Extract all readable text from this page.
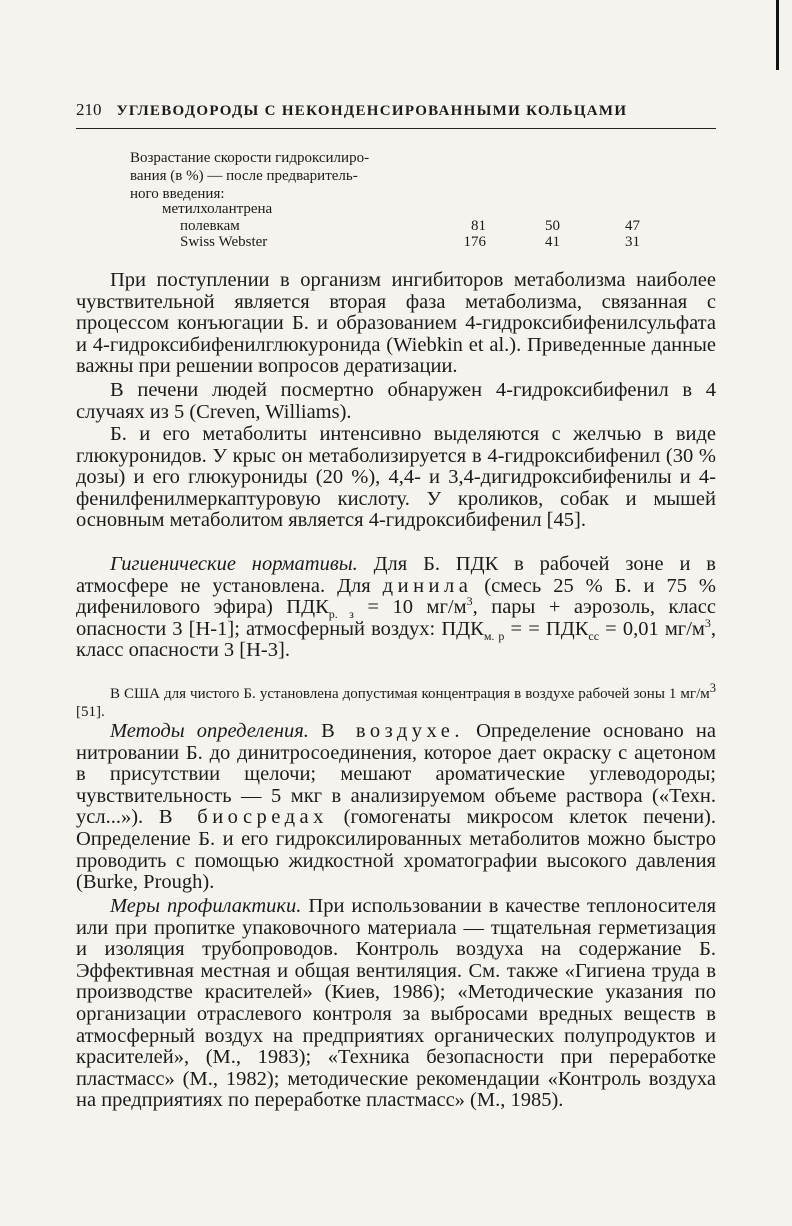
210 УГЛЕВОДОРОДЫ С НЕКОНДЕНСИРОВАННЫМИ КОЛЬЦАМИ
Возрастание скорости гидроксилиро-
вания (в %) — после предваритель-
ного введения:
метилхолантрена
полевкам	81	50	47
Swiss Webster	176	41	31

При поступлении в организм ингибиторов метаболизма наиболее чувствительной является вторая фаза метаболизма, связанная с процессом конъюгации Б. и образованием 4-гидроксибифенилсульфата и 4-гидроксибифенилглюкуронида (Wiebkin et al.). Приведенные данные важны при решении вопросов дератизации.

В печени людей посмертно обнаружен 4-гидроксибифенил в 4 случаях из 5 (Creven, Williams).

Б. и его метаболиты интенсивно выделяются с желчью в виде глюкуронидов. У крыс он метаболизируется в 4-гидроксибифенил (30 % дозы) и его глюкурониды (20 %), 4,4- и 3,4-дигидроксибифенилы и 4-фенилфенилмеркаптуровую кислоту. У кроликов, собак и мышей основным метаболитом является 4-гидроксибифенил [45].

Гигиенические нормативы. Для Б. ПДК в рабочей зоне и в атмосфере не установлена. Для динила (смесь 25 % Б. и 75 % дифенилового эфира) $ПДК_{р. з} = 10$ $мг/м^3$, пары + аэрозоль, класс опасности 3 [Н-1]; атмосферный воздух: $ПДК_{м. р}$ = = $ПДК_{сс} = 0,01$ $мг/м^3$, класс опасности 3 [Н-3].

В США для чистого Б. установлена допустимая концентрация в воздухе рабочей зоны 1 $мг/м^3$ [51].

Методы определения. В воздухе. Определение основано на нитровании Б. до динитросоединения, которое дает окраску с ацетоном в присутствии щелочи; мешают ароматические углеводороды; чувствительность — 5 мкг в анализируемом объеме раствора («Техн. усл...»). В биосредах (гомогенаты микросом клеток печени). Определение Б. и его гидроксилированных метаболитов можно быстро проводить с помощью жидкостной хроматографии высокого давления (Burke, Prough).

Меры профилактики. При использовании в качестве теплоносителя или при пропитке упаковочного материала — тщательная герметизация и изоляция трубопроводов. Контроль воздуха на содержание Б. Эффективная местная и общая вентиляция. См. также «Гигиена труда в производстве красителей» (Киев, 1986); «Методические указания по организации отраслевого контроля за выбросами вредных веществ в атмосферный воздух на предприятиях органических полупродуктов и красителей», (М., 1983); «Техника безопасности при переработке пластмасс» (М., 1982); методические рекомендации «Контроль воздуха на предприятиях по переработке пластмасс» (М., 1985).
